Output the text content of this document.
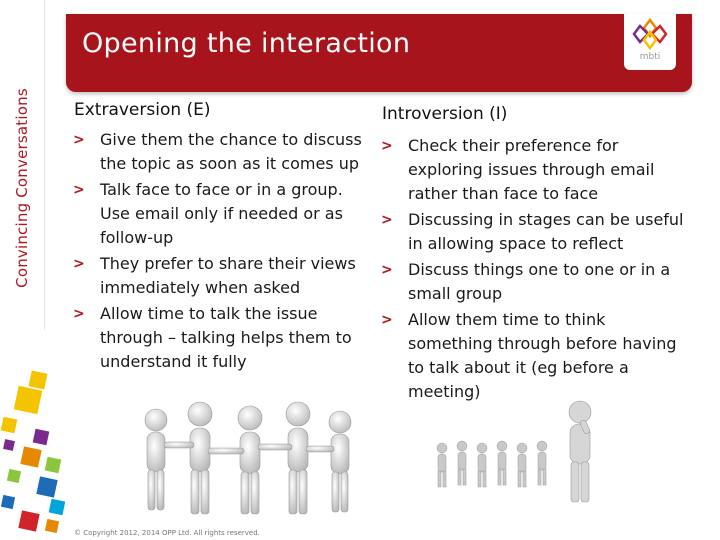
Convincing Conversations
Opening the interaction	mbti
Extraversion (E)
> Give them the chance to discuss the topic as soon as it comes up
> Talk face to face or in a group. Use email only if needed or as follow-up
> They prefer to share their views immediately when asked
> Allow time to talk the issue through – talking helps them to understand it fully
Introversion (I)
> Check their preference for exploring issues through email rather than face to face
> Discussing in stages can be useful in allowing space to reflect
> Discuss things one to one or in a small group
> Allow them time to think something through before having to talk about it (eg before a meeting)
© Copyright 2012, 2014 OPP Ltd. All rights reserved.
